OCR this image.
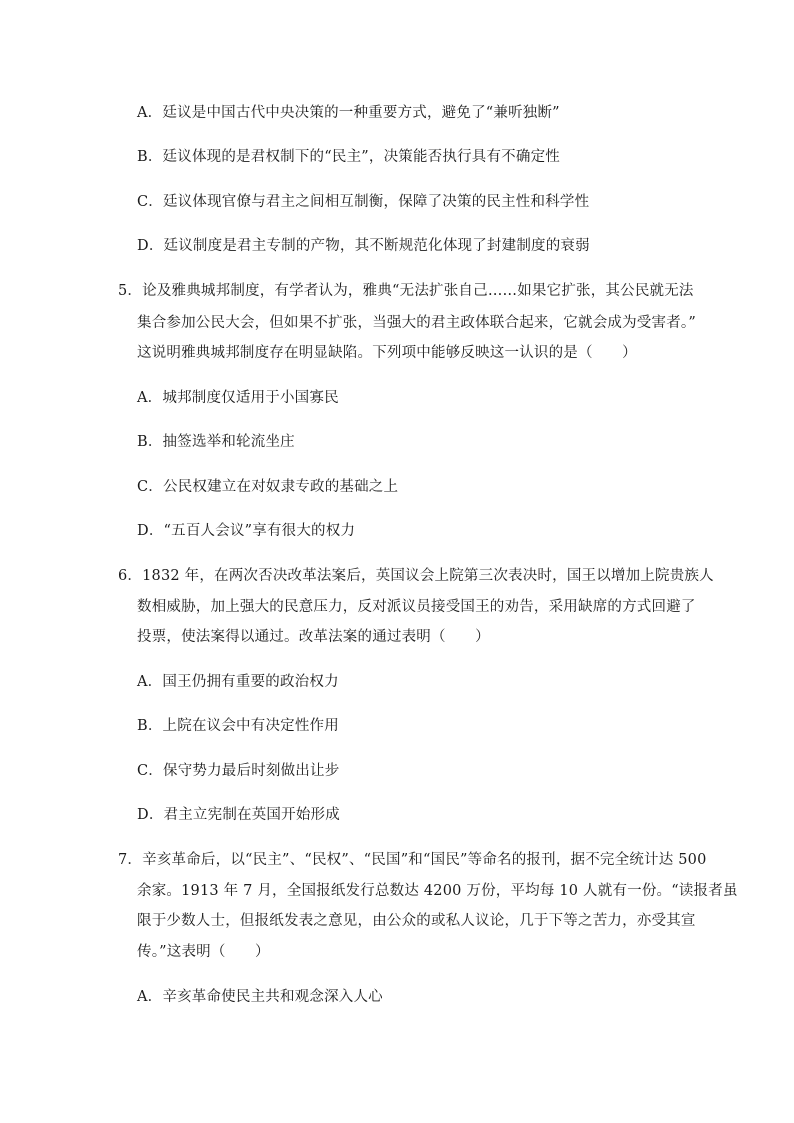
A．廷议是中国古代中央决策的一种重要方式，避免了“兼听独断”
B．廷议体现的是君权制下的“民主”，决策能否执行具有不确定性
C．廷议体现官僚与君主之间相互制衡，保障了决策的民主性和科学性
D．廷议制度是君主专制的产物，其不断规范化体现了封建制度的衰弱
5．论及雅典城邦制度，有学者认为，雅典“无法扩张自己……如果它扩张，其公民就无法
集合参加公民大会，但如果不扩张，当强大的君主政体联合起来，它就会成为受害者。”
这说明雅典城邦制度存在明显缺陷。下列项中能够反映这一认识的是（　　）
A．城邦制度仅适用于小国寡民
B．抽签选举和轮流坐庄
C．公民权建立在对奴隶专政的基础之上
D．“五百人会议”享有很大的权力
6．1832 年，在两次否决改革法案后，英国议会上院第三次表决时，国王以增加上院贵族人
数相威胁，加上强大的民意压力，反对派议员接受国王的劝告，采用缺席的方式回避了
投票，使法案得以通过。改革法案的通过表明（　　）
A．国王仍拥有重要的政治权力
B．上院在议会中有决定性作用
C．保守势力最后时刻做出让步
D．君主立宪制在英国开始形成
7．辛亥革命后，以“民主”、“民权”、“民国”和“国民”等命名的报刊，据不完全统计达 500
余家。1913 年 7 月，全国报纸发行总数达 4200 万份，平均每 10 人就有一份。“读报者虽
限于少数人士，但报纸发表之意见，由公众的或私人议论，几于下等之苦力，亦受其宣
传。”这表明（　　）
A．辛亥革命使民主共和观念深入人心
